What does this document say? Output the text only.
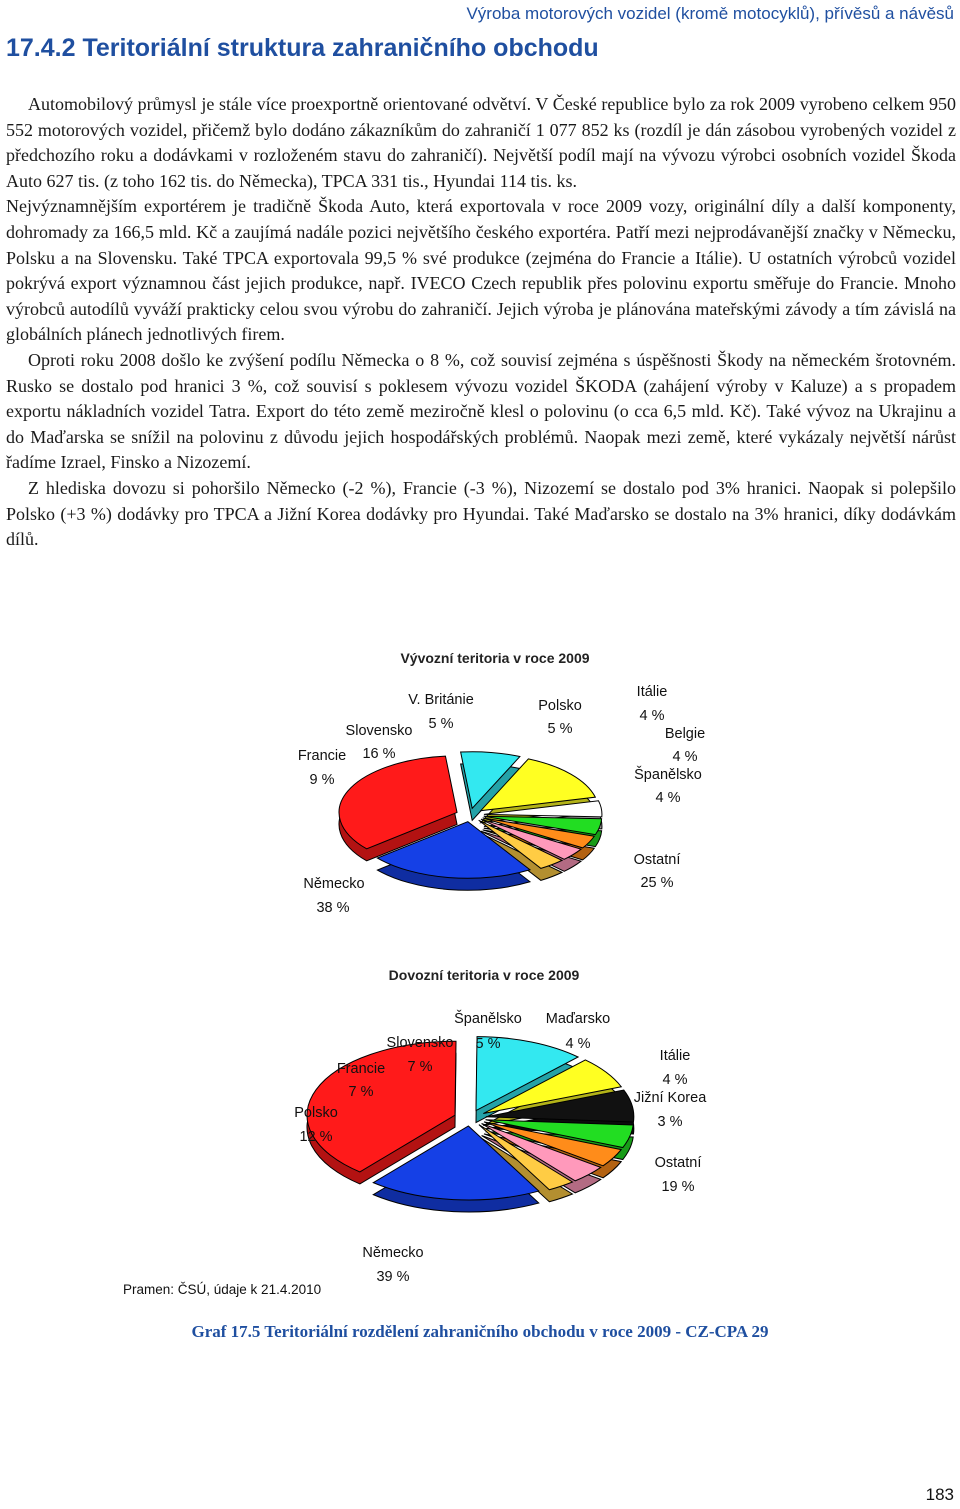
Výroba motorových vozidel (kromě motocyklů), přívěsů a návěsů
17.4.2 Teritoriální struktura zahraničního obchodu

Automobilový průmysl je stále více proexportně orientované odvětví. V České republice bylo za rok 2009 vyrobeno celkem 950 552 motorových vozidel, přičemž bylo dodáno zákazníkům do zahraničí 1 077 852 ks (rozdíl je dán zásobou vyrobených vozidel z předchozího roku a dodávkami v rozloženém stavu do zahraničí). Největší podíl mají na vývozu výrobci osobních vozidel Škoda Auto 627 tis. (z toho 162 tis. do Německa), TPCA 331 tis., Hyundai 114 tis. ks.

Nejvýznamnějším exportérem je tradičně Škoda Auto, která exportovala v roce 2009 vozy, originální díly a další komponenty, dohromady za 166,5 mld. Kč a zaujímá nadále pozici největšího českého exportéra. Patří mezi nejprodávanější značky v Německu, Polsku a na Slovensku. Také TPCA exportovala 99,5 % své produkce (zejména do Francie a Itálie). U ostatních výrobců vozidel pokrývá export významnou část jejich produkce, např. IVECO Czech republik přes polovinu exportu směřuje do Francie. Mnoho výrobců autodílů vyváží prakticky celou svou výrobu do zahraničí. Jejich výroba je plánována mateřskými závody a tím závislá na globálních plánech jednotlivých firem.

Oproti roku 2008 došlo ke zvýšení podílu Německa o 8 %, což souvisí zejména s úspěšnosti Škody na německém šrotovném. Rusko se dostalo pod hranici 3 %, což souvisí s poklesem vývozu vozidel ŠKODA (zahájení výroby v Kaluze) a s propadem exportu nákladních vozidel Tatra. Export do této země meziročně klesl o polovinu (o cca 6,5 mld. Kč). Také vývoz na Ukrajinu a do Maďarska se snížil na polovinu z důvodu jejich hospodářských problémů. Naopak mezi země, které vykázaly největší nárůst řadíme Izrael, Finsko a Nizozemí.

Z hlediska dovozu si pohoršilo Německo (-2 %), Francie (-3 %), Nizozemí se dostalo pod 3% hranici. Naopak si polepšilo Polsko (+3 %) dodávky pro TPCA a Jižní Korea dodávky pro Hyundai. Také Maďarsko se dostalo na 3% hranici, díky dodávkám dílů.

Vývozní teritoria v roce 2009
Německo
38 %
Francie
9 %
Slovensko
16 %
V. Británie
5 %
Polsko
5 %
Itálie
4 %
Belgie
4 %
Španělsko
4 %
Ostatní
25 %
Dovozní teritoria v roce 2009
Německo
39 %
Polsko
12 %
Francie
7 %
Slovensko
7 %
Španělsko
5 %
Maďarsko
4 %
Itálie
4 %
Jižní Korea
3 %
Ostatní
19 %
Pramen: ČSÚ, údaje k 21.4.2010
Graf 17.5 Teritoriální rozdělení zahraničního obchodu v roce 2009 - CZ-CPA 29
183
